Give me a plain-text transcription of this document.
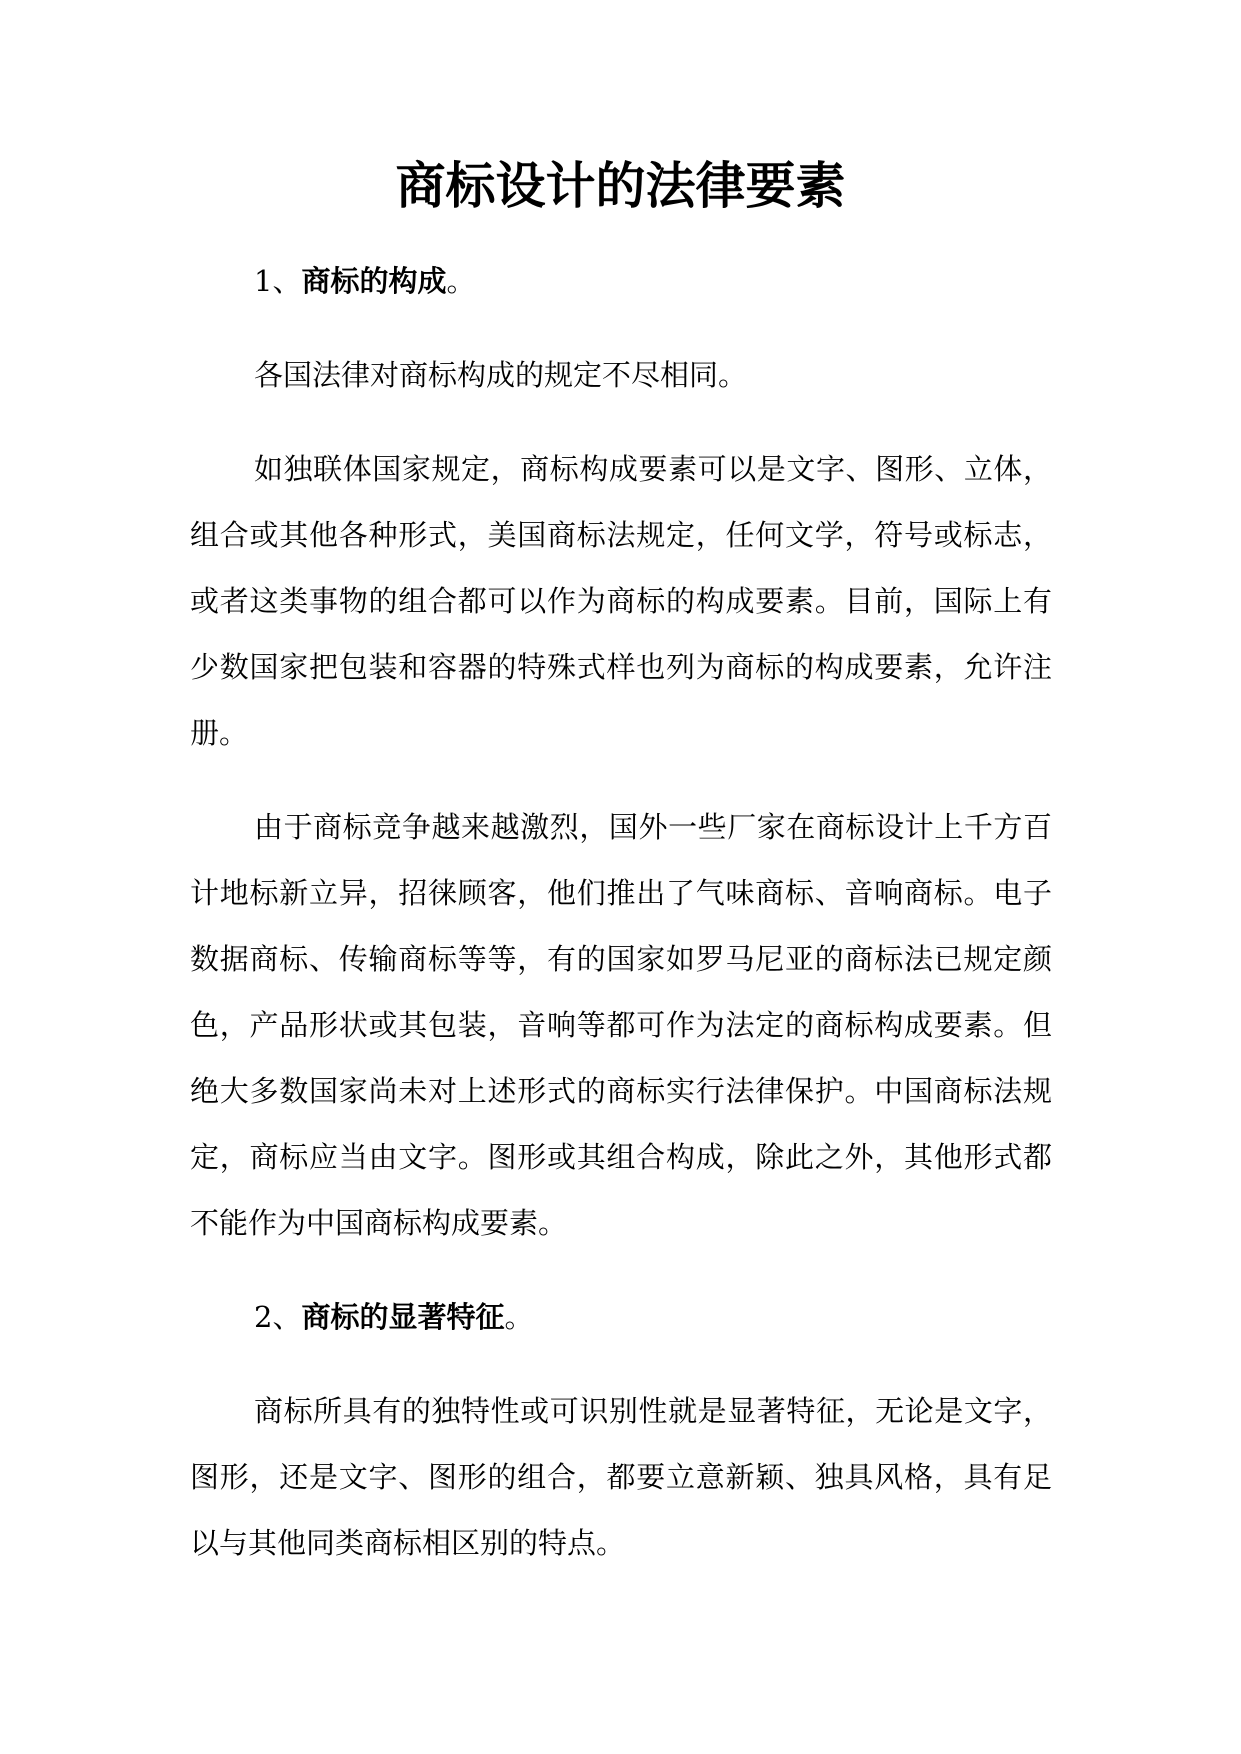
商标设计的法律要素

1、商标的构成。

各国法律对商标构成的规定不尽相同。

如独联体国家规定，商标构成要素可以是文字、图形、立体，组合或其他各种形式，美国商标法规定，任何文学，符号或标志，或者这类事物的组合都可以作为商标的构成要素。目前，国际上有少数国家把包装和容器的特殊式样也列为商标的构成要素，允许注册。

由于商标竞争越来越激烈，国外一些厂家在商标设计上千方百计地标新立异，招徕顾客，他们推出了气味商标、音响商标。电子数据商标、传输商标等等，有的国家如罗马尼亚的商标法已规定颜色，产品形状或其包装，音响等都可作为法定的商标构成要素。但绝大多数国家尚未对上述形式的商标实行法律保护。中国商标法规定，商标应当由文字。图形或其组合构成，除此之外，其他形式都不能作为中国商标构成要素。

2、商标的显著特征。

商标所具有的独特性或可识别性就是显著特征，无论是文字，图形，还是文字、图形的组合，都要立意新颖、独具风格，具有足以与其他同类商标相区别的特点。
